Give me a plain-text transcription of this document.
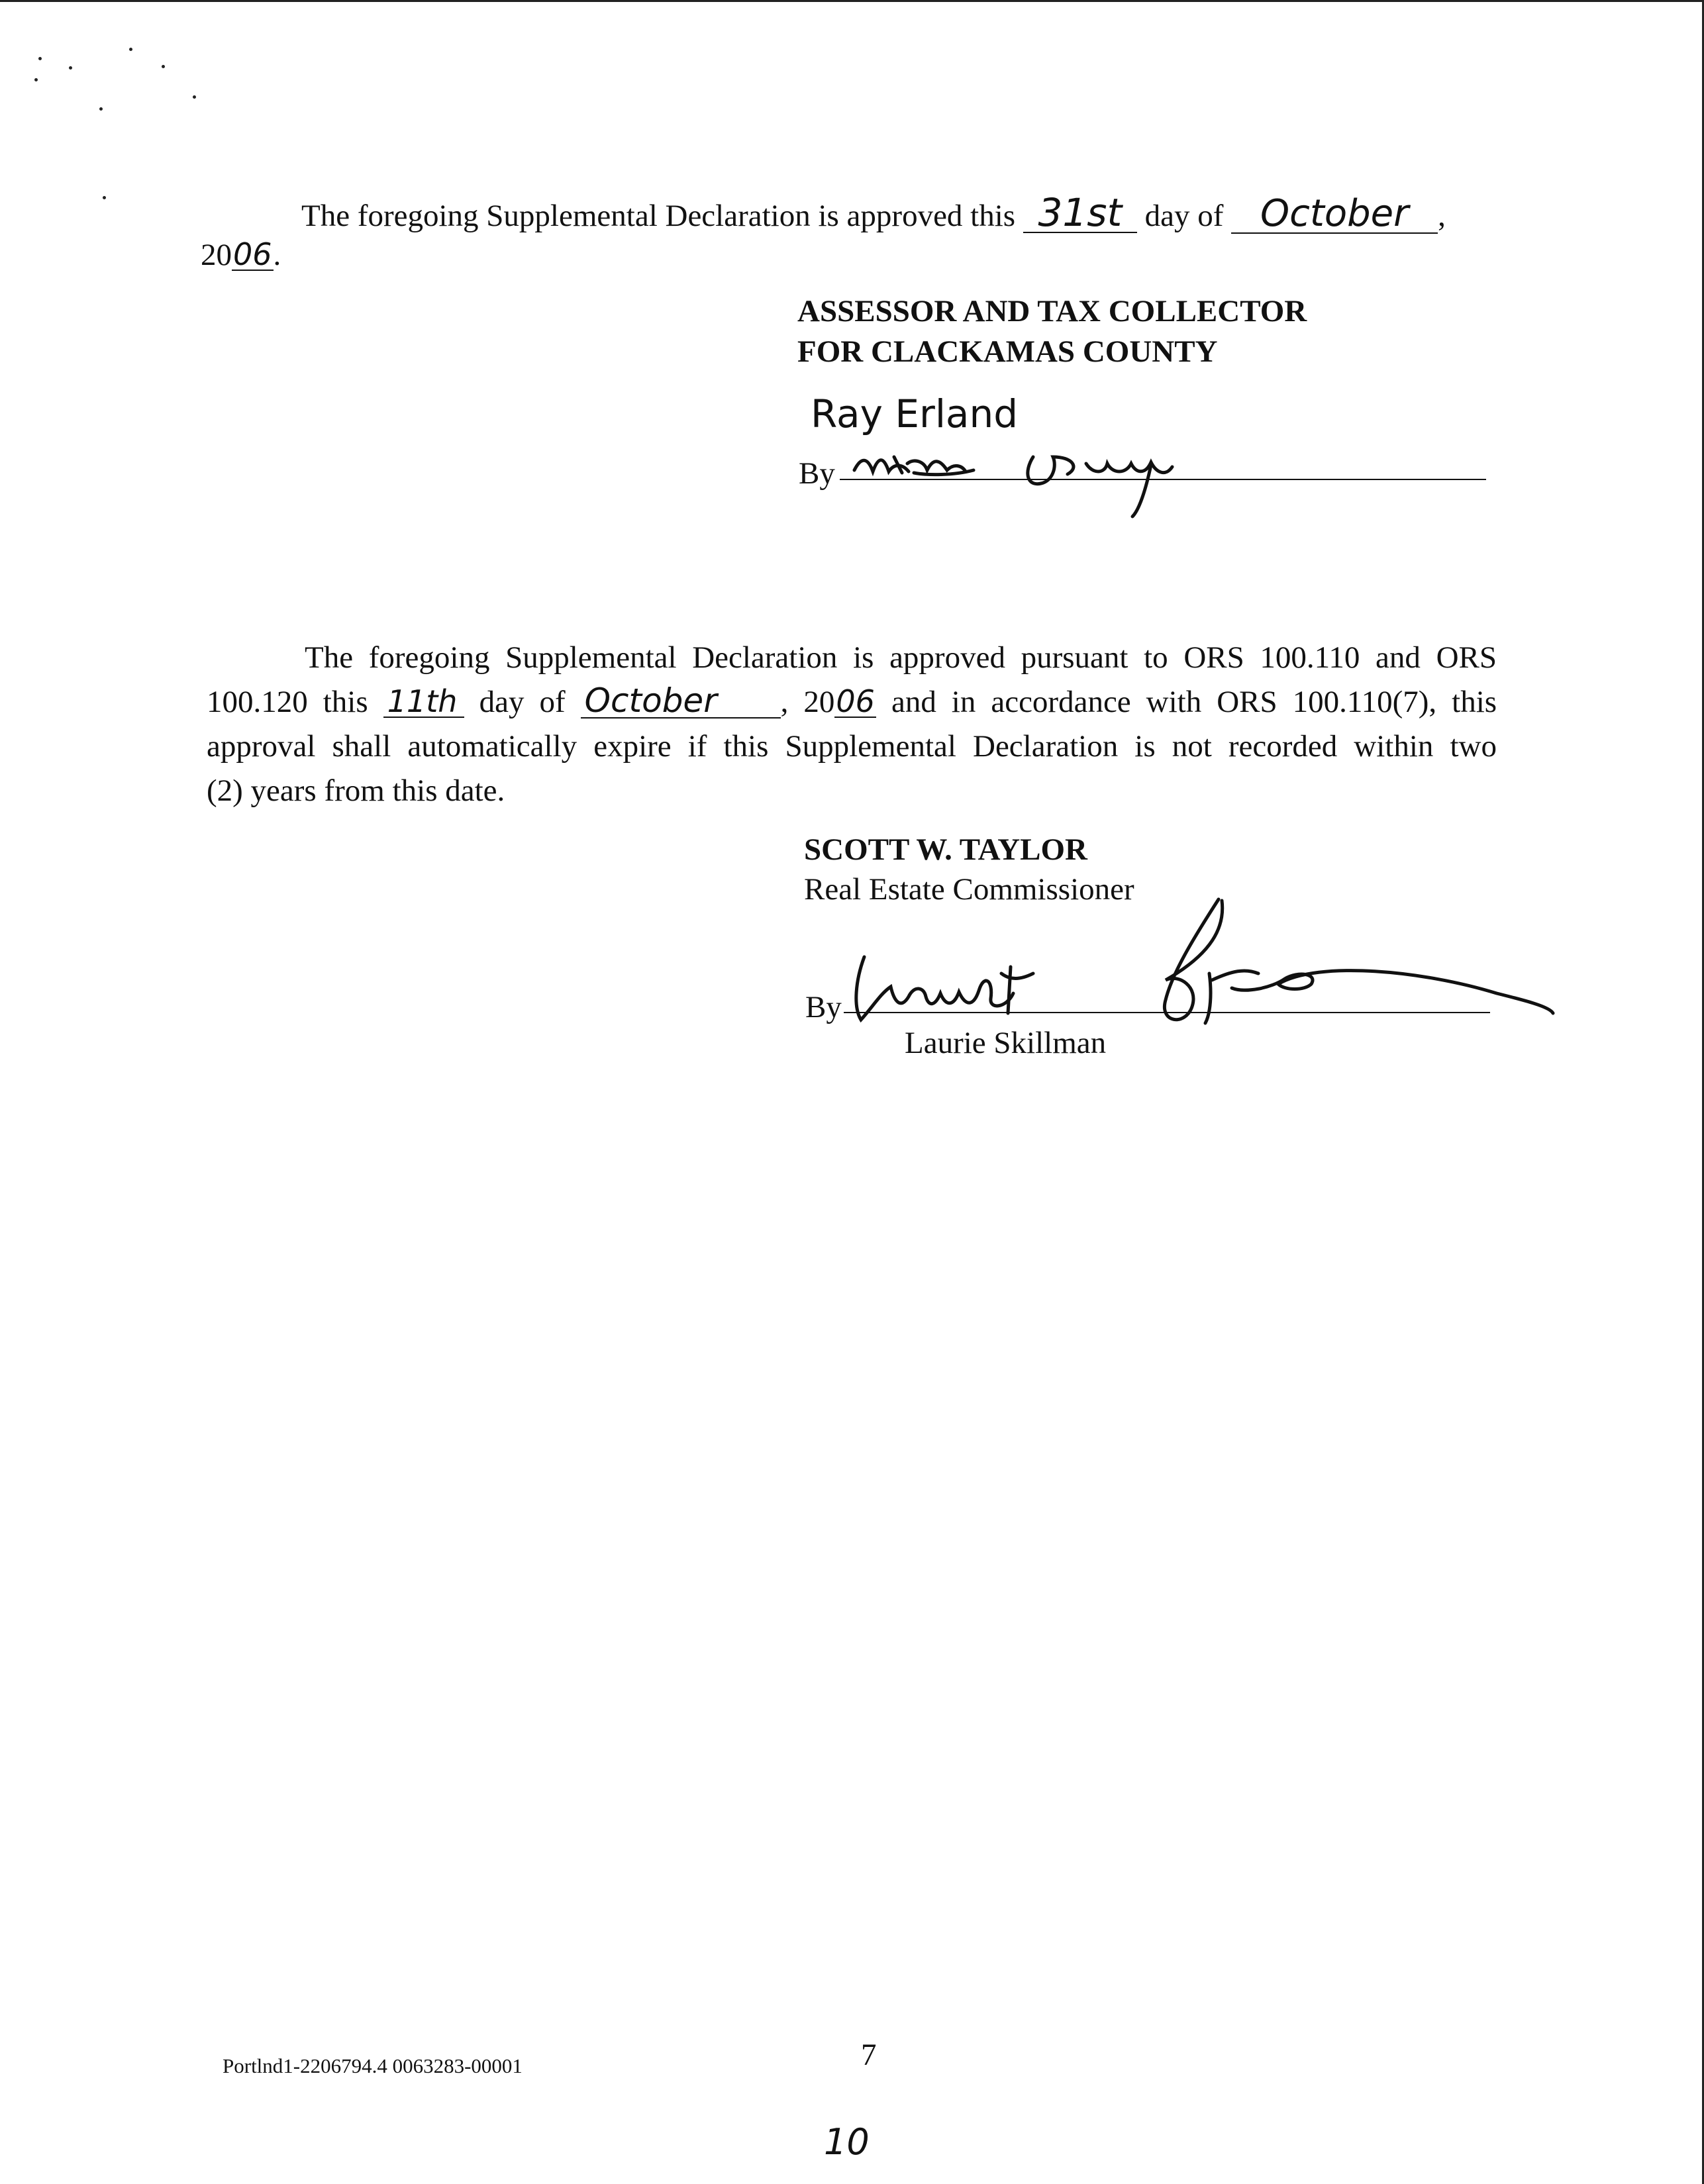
The foregoing Supplemental Declaration is approved this 31st day of October ,
2006.
ASSESSOR AND TAX COLLECTOR
FOR CLACKAMAS COUNTY
Ray Erland
By
The foregoing Supplemental Declaration is approved pursuant to ORS 100.110 and ORS
100.120 this 11th day of October , 2006 and in accordance with ORS 100.110(7), this
approval shall automatically expire if this Supplemental Declaration is not recorded within two
(2) years from this date.
SCOTT W. TAYLOR
Real Estate Commissioner
By
Laurie Skillman
Portlnd1-2206794.4 0063283-00001	7
10
